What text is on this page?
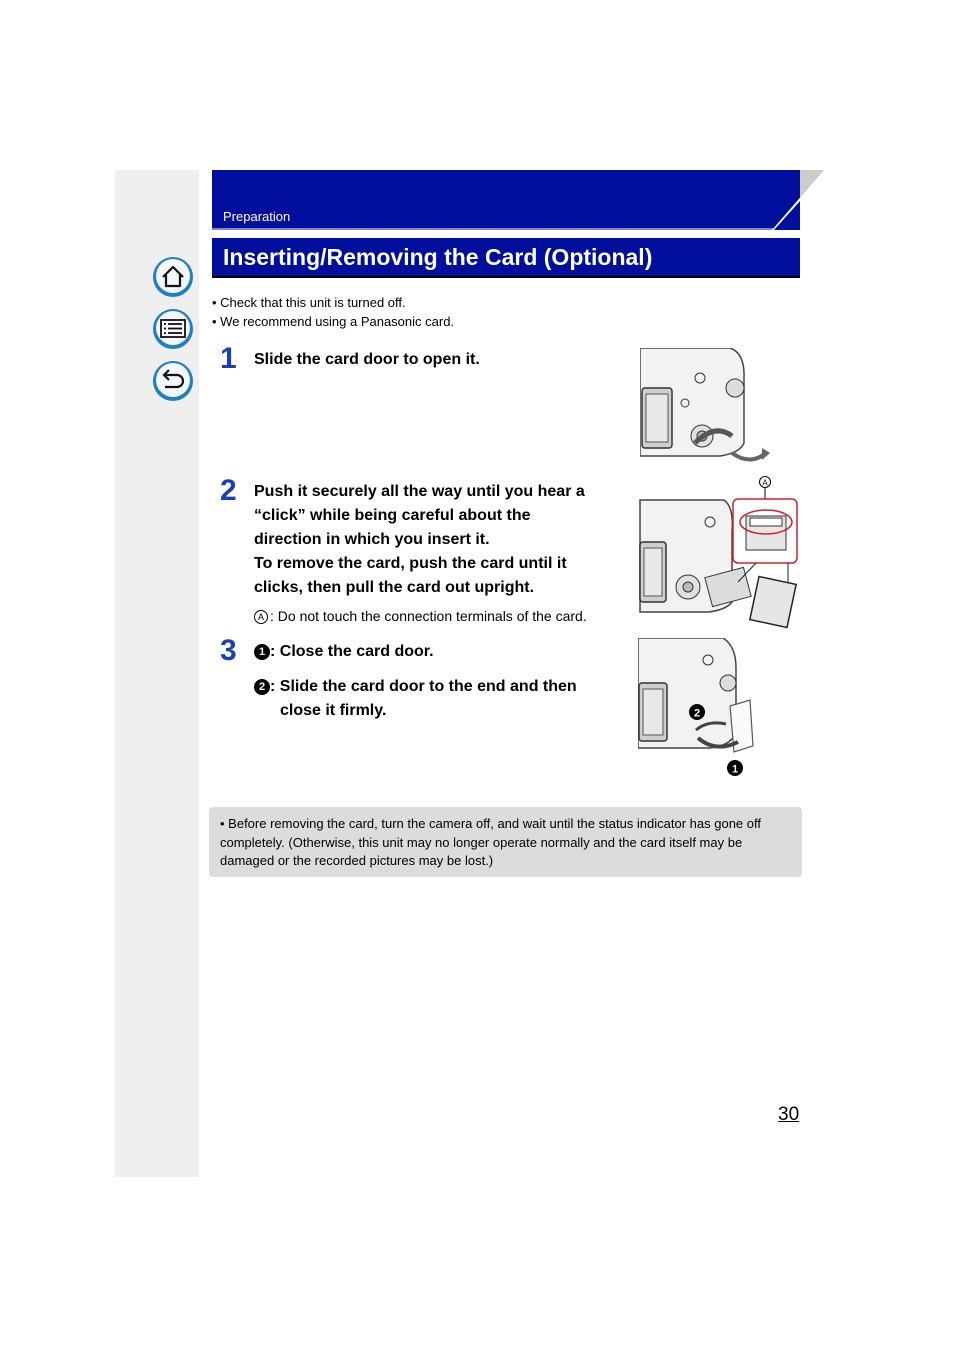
Preparation
Inserting/Removing the Card (Optional)
• Check that this unit is turned off.
• We recommend using a Panasonic card.
1 Slide the card door to open it.
2 Push it securely all the way until you hear a
“click” while being careful about the
direction in which you insert it.
To remove the card, push the card until it
clicks, then pull the card out upright.
A : Do not touch the connection terminals of the card.
3	1 : Close the card door.
2 : Slide the card door to the end and then
close it firmly.
A
2
1
• Before removing the card, turn the camera off, and wait until the status indicator has gone off completely. (Otherwise, this unit may no longer operate normally and the card itself may be damaged or the recorded pictures may be lost.)
30
